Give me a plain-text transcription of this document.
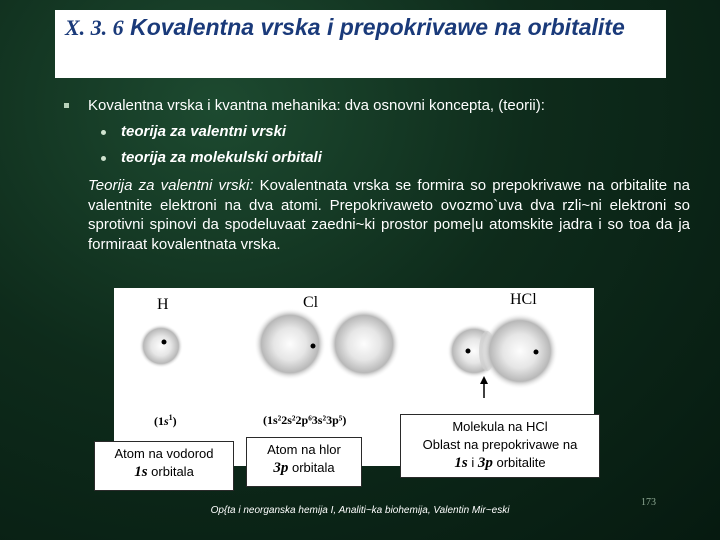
X. 3. 6 Kovalentna vrska i prepokrivawe na orbitalite
Kovalentna vrska i kvantna mehanika: dva osnovni koncepta, (teorii):
teorija za valentni vrski
teorija za molekulski orbitali
Teorija za valentni vrski: Kovalentnata vrska se formira so prepokrivawe na orbitalite na valentnite elektroni na dva atomi. Prepokrivaweto ovozmo`uva dva rzli~ni elektroni so sprotivni spinovi da spodeluvaat zaedni~ki prostor pome|u atomskite jadra i so toa da ja formiraat kovalentnata vrska.
H	Cl	HCl
$(1s^1)$	(1s²2s²2p⁶3s²3p⁵)
Atom na vodorod
1s orbitala
Atom na hlor
3p orbitala
Molekula na HCl
Oblast na prepokrivawe na
1s i 3p orbitalite
173
Op{ta i neorganska hemija I, Analiti~ka biohemija, Valentin Mir~eski
